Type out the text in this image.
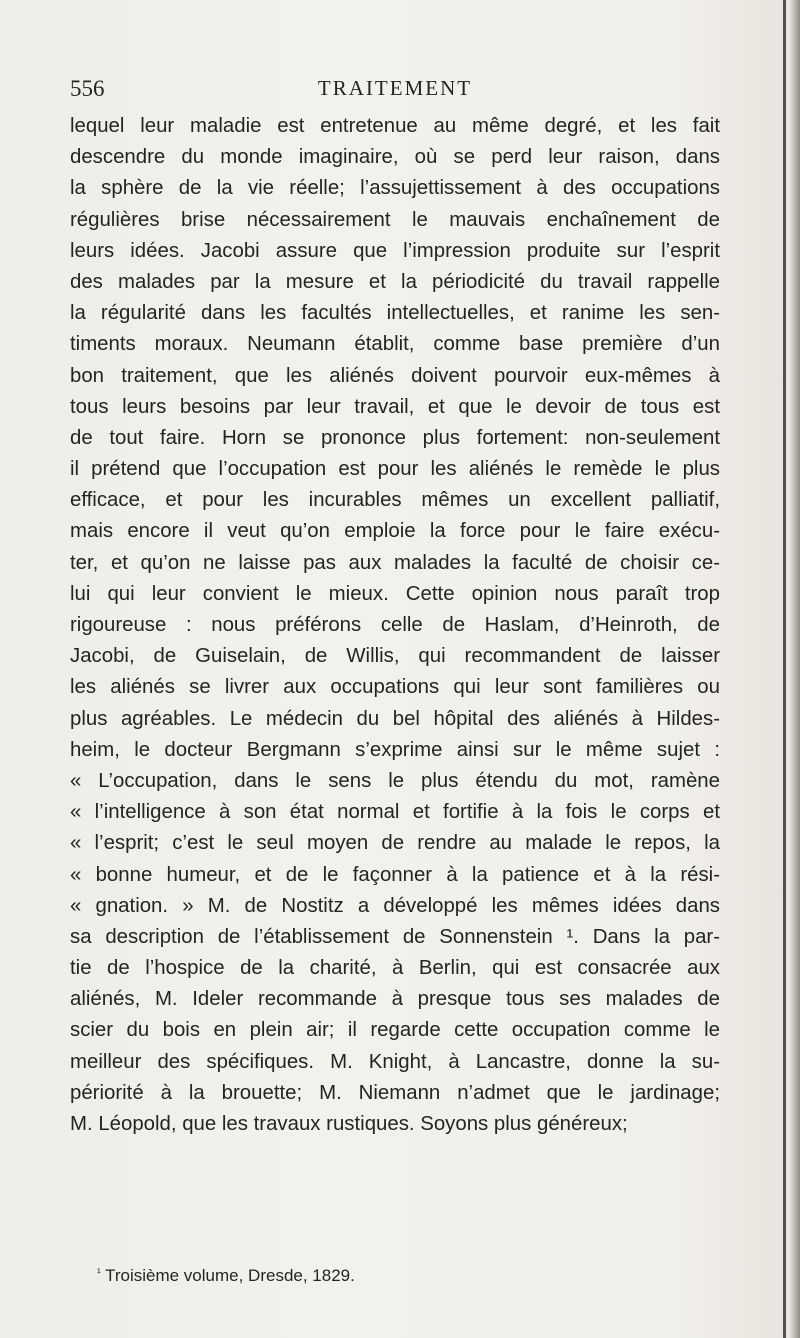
556	TRAITEMENT
lequel leur maladie est entretenue au même degré, et les fait
descendre du monde imaginaire, où se perd leur raison, dans
la sphère de la vie réelle; l’assujettissement à des occupations
régulières brise nécessairement le mauvais enchaînement de
leurs idées. Jacobi assure que l’impression produite sur l’esprit
des malades par la mesure et la périodicité du travail rappelle
la régularité dans les facultés intellectuelles, et ranime les sen-
timents moraux. Neumann établit, comme base première d’un
bon traitement, que les aliénés doivent pourvoir eux-mêmes à
tous leurs besoins par leur travail, et que le devoir de tous est
de tout faire. Horn se prononce plus fortement: non-seulement
il prétend que l’occupation est pour les aliénés le remède le plus
efficace, et pour les incurables mêmes un excellent palliatif,
mais encore il veut qu’on emploie la force pour le faire exécu-
ter, et qu’on ne laisse pas aux malades la faculté de choisir ce-
lui qui leur convient le mieux. Cette opinion nous paraît trop
rigoureuse : nous préférons celle de Haslam, d’Heinroth, de
Jacobi, de Guiselain, de Willis, qui recommandent de laisser
les aliénés se livrer aux occupations qui leur sont familières ou
plus agréables. Le médecin du bel hôpital des aliénés à Hildes-
heim, le docteur Bergmann s’exprime ainsi sur le même sujet :
« L’occupation, dans le sens le plus étendu du mot, ramène
« l’intelligence à son état normal et fortifie à la fois le corps et
« l’esprit; c’est le seul moyen de rendre au malade le repos, la
« bonne humeur, et de le façonner à la patience et à la rési-
« gnation. » M. de Nostitz a développé les mêmes idées dans
sa description de l’établissement de Sonnenstein ¹. Dans la par-
tie de l’hospice de la charité, à Berlin, qui est consacrée aux
aliénés, M. Ideler recommande à presque tous ses malades de
scier du bois en plein air; il regarde cette occupation comme le
meilleur des spécifiques. M. Knight, à Lancastre, donne la su-
périorité à la brouette; M. Niemann n’admet que le jardinage;
M. Léopold, que les travaux rustiques. Soyons plus généreux;
$^{^1}$ Troisième volume, Dresde, 1829.
